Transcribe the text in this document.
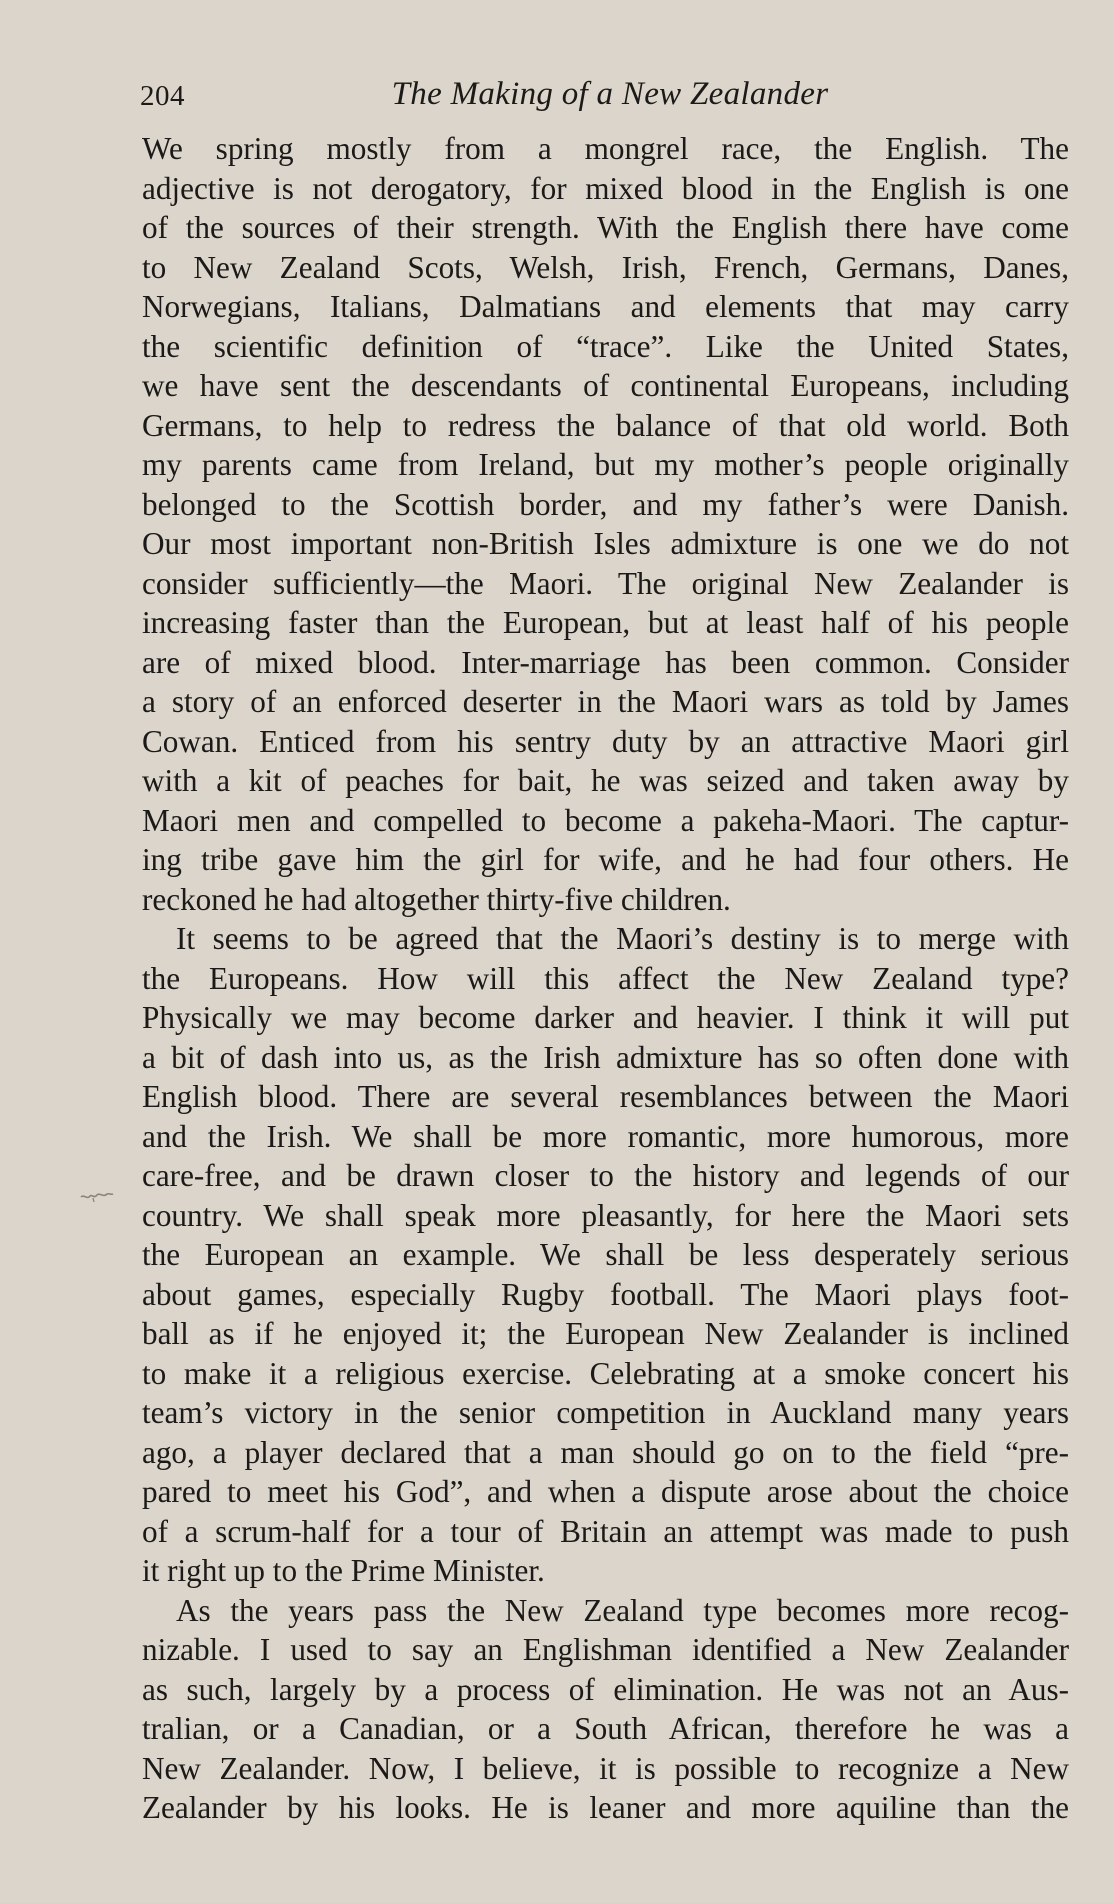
204	The Making of a New Zealander
We spring mostly from a mongrel race, the English. The
adjective is not derogatory, for mixed blood in the English is one
of the sources of their strength. With the English there have come
to New Zealand Scots, Welsh, Irish, French, Germans, Danes,
Norwegians, Italians, Dalmatians and elements that may carry
the scientific definition of “trace”. Like the United States,
we have sent the descendants of continental Europeans, including
Germans, to help to redress the balance of that old world. Both
my parents came from Ireland, but my mother’s people originally
belonged to the Scottish border, and my father’s were Danish.
Our most important non-British Isles admixture is one we do not
consider sufficiently—the Maori. The original New Zealander is
increasing faster than the European, but at least half of his people
are of mixed blood. Inter-marriage has been common. Consider
a story of an enforced deserter in the Maori wars as told by James
Cowan. Enticed from his sentry duty by an attractive Maori girl
with a kit of peaches for bait, he was seized and taken away by
Maori men and compelled to become a pakeha-Maori. The captur-
ing tribe gave him the girl for wife, and he had four others. He
reckoned he had altogether thirty-five children.
It seems to be agreed that the Maori’s destiny is to merge with
the Europeans. How will this affect the New Zealand type?
Physically we may become darker and heavier. I think it will put
a bit of dash into us, as the Irish admixture has so often done with
English blood. There are several resemblances between the Maori
and the Irish. We shall be more romantic, more humorous, more
care-free, and be drawn closer to the history and legends of our
country. We shall speak more pleasantly, for here the Maori sets
the European an example. We shall be less desperately serious
about games, especially Rugby football. The Maori plays foot-
ball as if he enjoyed it; the European New Zealander is inclined
to make it a religious exercise. Celebrating at a smoke concert his
team’s victory in the senior competition in Auckland many years
ago, a player declared that a man should go on to the field “pre-
pared to meet his God”, and when a dispute arose about the choice
of a scrum-half for a tour of Britain an attempt was made to push
it right up to the Prime Minister.
As the years pass the New Zealand type becomes more recog-
nizable. I used to say an Englishman identified a New Zealander
as such, largely by a process of elimination. He was not an Aus-
tralian, or a Canadian, or a South African, therefore he was a
New Zealander. Now, I believe, it is possible to recognize a New
Zealander by his looks. He is leaner and more aquiline than the
